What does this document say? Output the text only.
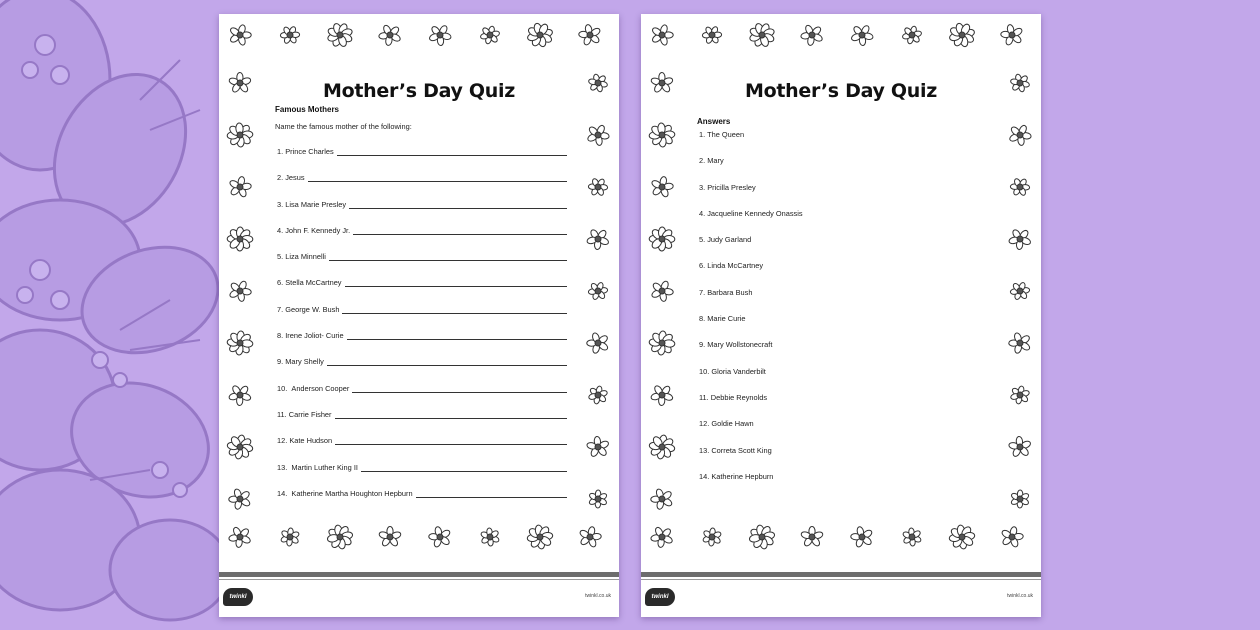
Mother’s Day Quiz
Famous Mothers
Name the famous mother of the following:
1.
Prince Charles
2.
Jesus
3.
Lisa Marie Presley
4.
John F. Kennedy Jr.
5.
Liza Minnelli
6.
Stella McCartney
7.
George W. Bush
8.
Irene Joliot- Curie
9.
Mary Shelly
10.
Anderson Cooper
11.
Carrie Fisher
12.
Kate Hudson
13.
Martin Luther King II
14.
Katherine Martha Houghton Hepburn
twinkl	twinkl.co.uk
Mother’s Day Quiz
Answers
1. The Queen
2. Mary
3. Pricilla Presley
4. Jacqueline Kennedy Onassis
5. Judy Garland
6. Linda McCartney
7. Barbara Bush
8. Marie Curie
9. Mary Wollstonecraft
10. Gloria Vanderbilt
11. Debbie Reynolds
12. Goldie Hawn
13. Correta Scott King
14. Katherine Hepburn
twinkl	twinkl.co.uk
